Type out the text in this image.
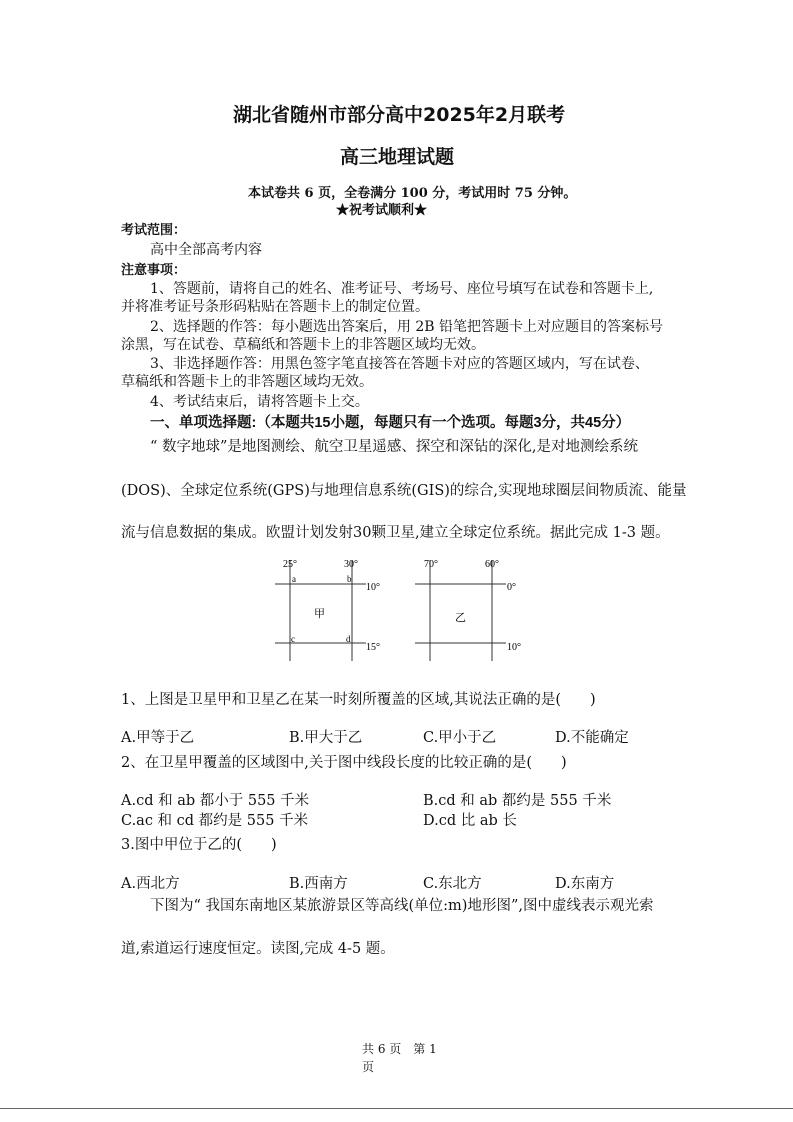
湖北省随州市部分高中2025年2月联考
高三地理试题
本试卷共 6 页，全卷满分 100 分，考试用时 75 分钟。
★祝考试顺利★
考试范围：
高中全部高考内容
注意事项：
1、答题前，请将自己的姓名、准考证号、考场号、座位号填写在试卷和答题卡上,
并将准考证号条形码粘贴在答题卡上的制定位置。
2、选择题的作答：每小题选出答案后，用 2B 铅笔把答题卡上对应题目的答案标号
涂黑，写在试卷、草稿纸和答题卡上的非答题区域均无效。
3、非选择题作答：用黑色签字笔直接答在答题卡对应的答题区域内，写在试卷、
草稿纸和答题卡上的非答题区域均无效。
4、考试结束后，请将答题卡上交。
一、单项选择题:（本题共15小题，每题只有一个选项。每题3分，共45分）
“ 数字地球”是地图测绘、航空卫星遥感、探空和深钻的深化,是对地测绘系统
(DOS)、全球定位系统(GPS)与地理信息系统(GIS)的综合,实现地球圈层间物质流、能量
流与信息数据的集成。欧盟计划发射30颗卫星,建立全球定位系统。据此完成 1-3 题。
25°	30°
10°
15°
a	b
c	d
甲
70°	60°
0°
10°
乙
1、上图是卫星甲和卫星乙在某一时刻所覆盖的区域,其说法正确的是(　　)
A.甲等于乙	B.甲大于乙	C.甲小于乙	D.不能确定
2、在卫星甲覆盖的区域图中,关于图中线段长度的比较正确的是(　　)
A.cd 和 ab 都小于 555 千米	B.cd 和 ab 都约是 555 千米
C.ac 和 cd 都约是 555 千米	D.cd 比 ab 长
3.图中甲位于乙的(　　)
A.西北方	B.西南方	C.东北方	D.东南方
下图为“ 我国东南地区某旅游景区等高线(单位:m)地形图”,图中虚线表示观光索
道,索道运行速度恒定。读图,完成 4-5 题。
共 6 页　第 1
页
